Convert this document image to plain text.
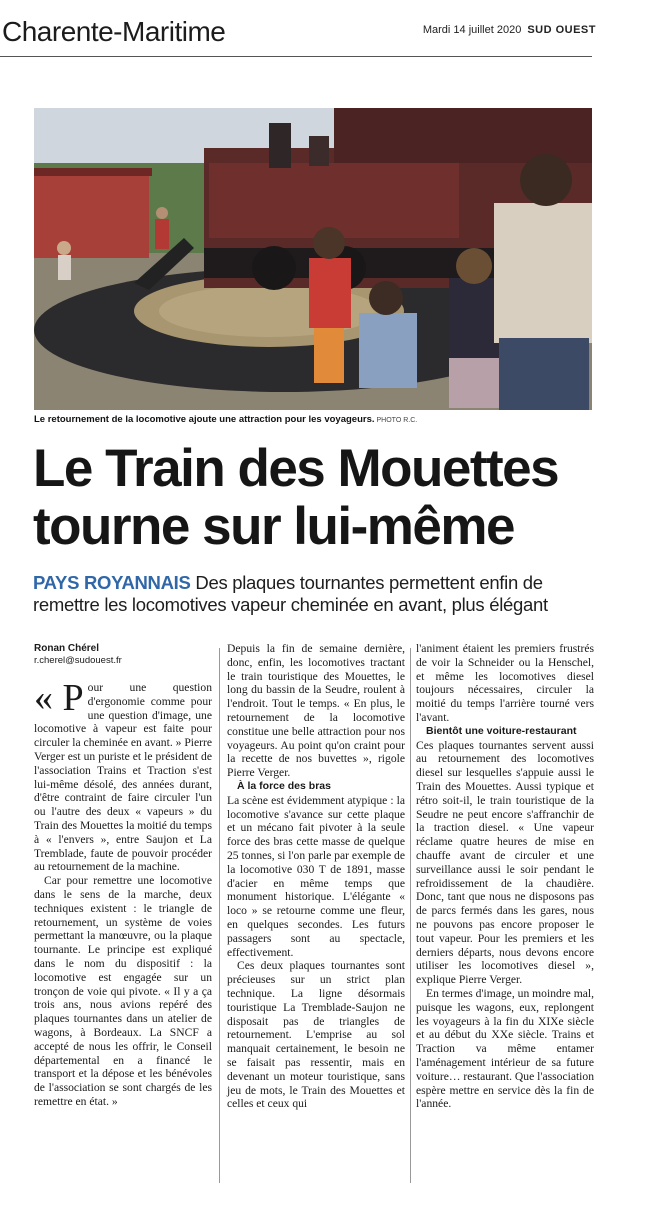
Charente-Maritime	Mardi 14 juillet 2020 SUD OUEST
Le retournement de la locomotive ajoute une attraction pour les voyageurs. PHOTO R.C.
Le Train des Mouettes tourne sur lui-même
PAYS ROYANNAIS Des plaques tournantes permettent enfin de remettre les locomotives vapeur cheminée en avant, plus élégant
Ronan Chérel
r.cherel@sudouest.fr

« P our une question d'ergonomie comme pour une question d'image, une locomotive à vapeur est faite pour circuler la cheminée en avant. » Pierre Verger est un puriste et le président de l'association Trains et Traction s'est lui-même désolé, des années durant, d'être contraint de faire circuler l'un ou l'autre des deux « vapeurs » du Train des Mouettes la moitié du temps à « l'envers », entre Saujon et La Tremblade, faute de pouvoir procéder au retournement de la machine.

Car pour remettre une locomotive dans le sens de la marche, deux techniques existent : le triangle de retournement, un système de voies permettant la manœuvre, ou la plaque tournante. Le principe est expliqué dans le nom du dispositif : la locomotive est engagée sur un tronçon de voie qui pivote. « Il y a ça trois ans, nous avions repéré des plaques tournantes dans un atelier de wagons, à Bordeaux. La SNCF a accepté de nous les offrir, le Conseil départemental en a financé le transport et la dépose et les bénévoles de l'association se sont chargés de les remettre en état. »

Depuis la fin de semaine dernière, donc, enfin, les locomotives tractant le train touristique des Mouettes, le long du bassin de la Seudre, roulent à l'endroit. Tout le temps. « En plus, le retournement de la locomotive constitue une belle attraction pour nos voyageurs. Au point qu'on craint pour la recette de nos buvettes », rigole Pierre Verger.

À la force des bras

La scène est évidemment atypique : la locomotive s'avance sur cette plaque et un mécano fait pivoter à la seule force des bras cette masse de quelque 25 tonnes, si l'on parle par exemple de la locomotive 030 T de 1891, masse d'acier en même temps que monument historique. L'élégante « loco » se retourne comme une fleur, en quelques secondes. Les futurs passagers sont au spectacle, effectivement.

Ces deux plaques tournantes sont précieuses sur un strict plan technique. La ligne désormais touristique La Tremblade-Saujon ne disposait pas de triangles de retournement. L'emprise au sol manquait certainement, le besoin ne se faisait pas ressentir, mais en devenant un moteur touristique, sans jeu de mots, le Train des Mouettes et celles et ceux qui

l'animent étaient les premiers frustrés de voir la Schneider ou la Henschel, et même les locomotives diesel toujours nécessaires, circuler la moitié du temps l'arrière tourné vers l'avant.

Bientôt une voiture-restaurant

Ces plaques tournantes servent aussi au retournement des locomotives diesel sur lesquelles s'appuie aussi le Train des Mouettes. Aussi typique et rétro soit-il, le train touristique de la Seudre ne peut encore s'affranchir de la traction diesel. « Une vapeur réclame quatre heures de mise en chauffe avant de circuler et une surveillance aussi le soir pendant le refroidissement de la chaudière. Donc, tant que nous ne disposons pas de parcs fermés dans les gares, nous ne pouvons pas encore proposer le tout vapeur. Pour les premiers et les derniers départs, nous devons encore utiliser les locomotives diesel », explique Pierre Verger.

En termes d'image, un moindre mal, puisque les wagons, eux, replongent les voyageurs à la fin du XIXe siècle et au début du XXe siècle. Trains et Traction va même entamer l'aménagement intérieur de sa future voiture… restaurant. Que l'association espère mettre en service dès la fin de l'année.
